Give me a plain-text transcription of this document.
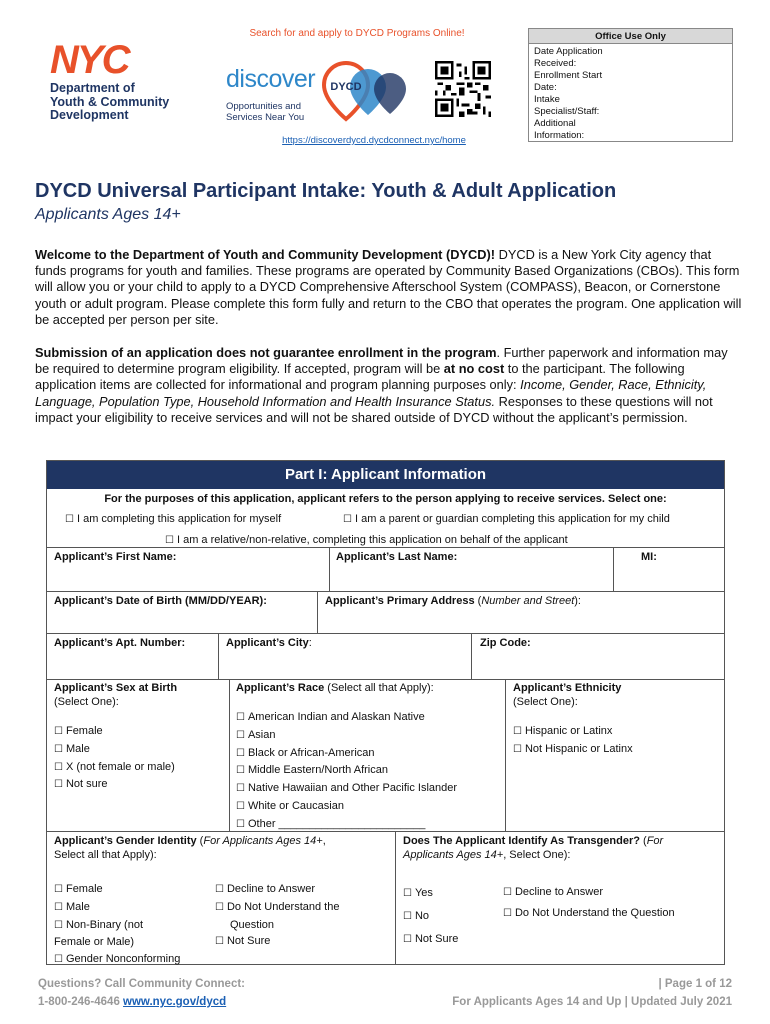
NYC
Department of
Youth & Community
Development
Search for and apply to DYCD Programs Online!
discover
Opportunities and
Services Near You
DYCD
https://discoverdycd.dycdconnect.nyc/home
Office Use Only
Date Application
Received:
Enrollment Start
Date:
Intake
Specialist/Staff:
Additional
Information:
DYCD Universal Participant Intake: Youth & Adult Application
Applicants Ages 14+
Welcome to the Department of Youth and Community Development (DYCD)! DYCD is a New York City agency that funds programs for youth and families. These programs are operated by Community Based Organizations (CBOs). This form will allow you or your child to apply to a DYCD Comprehensive Afterschool System (COMPASS), Beacon, or Cornerstone youth or adult program. Please complete this form fully and return to the CBO that operates the program. One application will be accepted per person per site.
Submission of an application does not guarantee enrollment in the program. Further paperwork and information may be required to determine program eligibility. If accepted, program will be at no cost to the participant. The following application items are collected for informational and program planning purposes only: Income, Gender, Race, Ethnicity, Language, Population Type, Household Information and Health Insurance Status. Responses to these questions will not impact your eligibility to receive services and will not be shared outside of DYCD without the applicant’s permission.
Part I: Applicant Information
For the purposes of this application, applicant refers to the person applying to receive services. Select one:
☐ I am completing this application for myself	☐ I am a parent or guardian completing this application for my child
☐ I am a relative/non-relative, completing this application on behalf of the applicant
Applicant’s First Name:	Applicant’s Last Name:	MI:
Applicant’s Date of Birth (MM/DD/YEAR):	Applicant’s Primary Address (Number and Street):
Applicant’s Apt. Number:	Applicant’s City:	Zip Code:
Applicant’s Sex at Birth
(Select One):
☐ Female
☐ Male
☐ X (not female or male)
☐ Not sure
Applicant’s Race (Select all that Apply):
☐ American Indian and Alaskan Native
☐ Asian
☐ Black or African-American
☐ Middle Eastern/North African
☐ Native Hawaiian and Other Pacific Islander
☐ White or Caucasian
☐ Other ________________________
Applicant’s Ethnicity
(Select One):
☐ Hispanic or Latinx
☐ Not Hispanic or Latinx
Applicant’s Gender Identity (For Applicants Ages 14+,
Select all that Apply):
☐ Female
☐ Male
☐ Non-Binary (not
Female or Male)
☐ Gender Nonconforming
☐ Decline to Answer
☐ Do Not Understand the
Question
☐ Not Sure
Does The Applicant Identify As Transgender? (For
Applicants Ages 14+, Select One):
☐ Yes
☐ No
☐ Not Sure
☐ Decline to Answer
☐ Do Not Understand the Question
Questions? Call Community Connect:
1-800-246-4646 www.nyc.gov/dycd
| Page 1 of 12
For Applicants Ages 14 and Up | Updated July 2021
